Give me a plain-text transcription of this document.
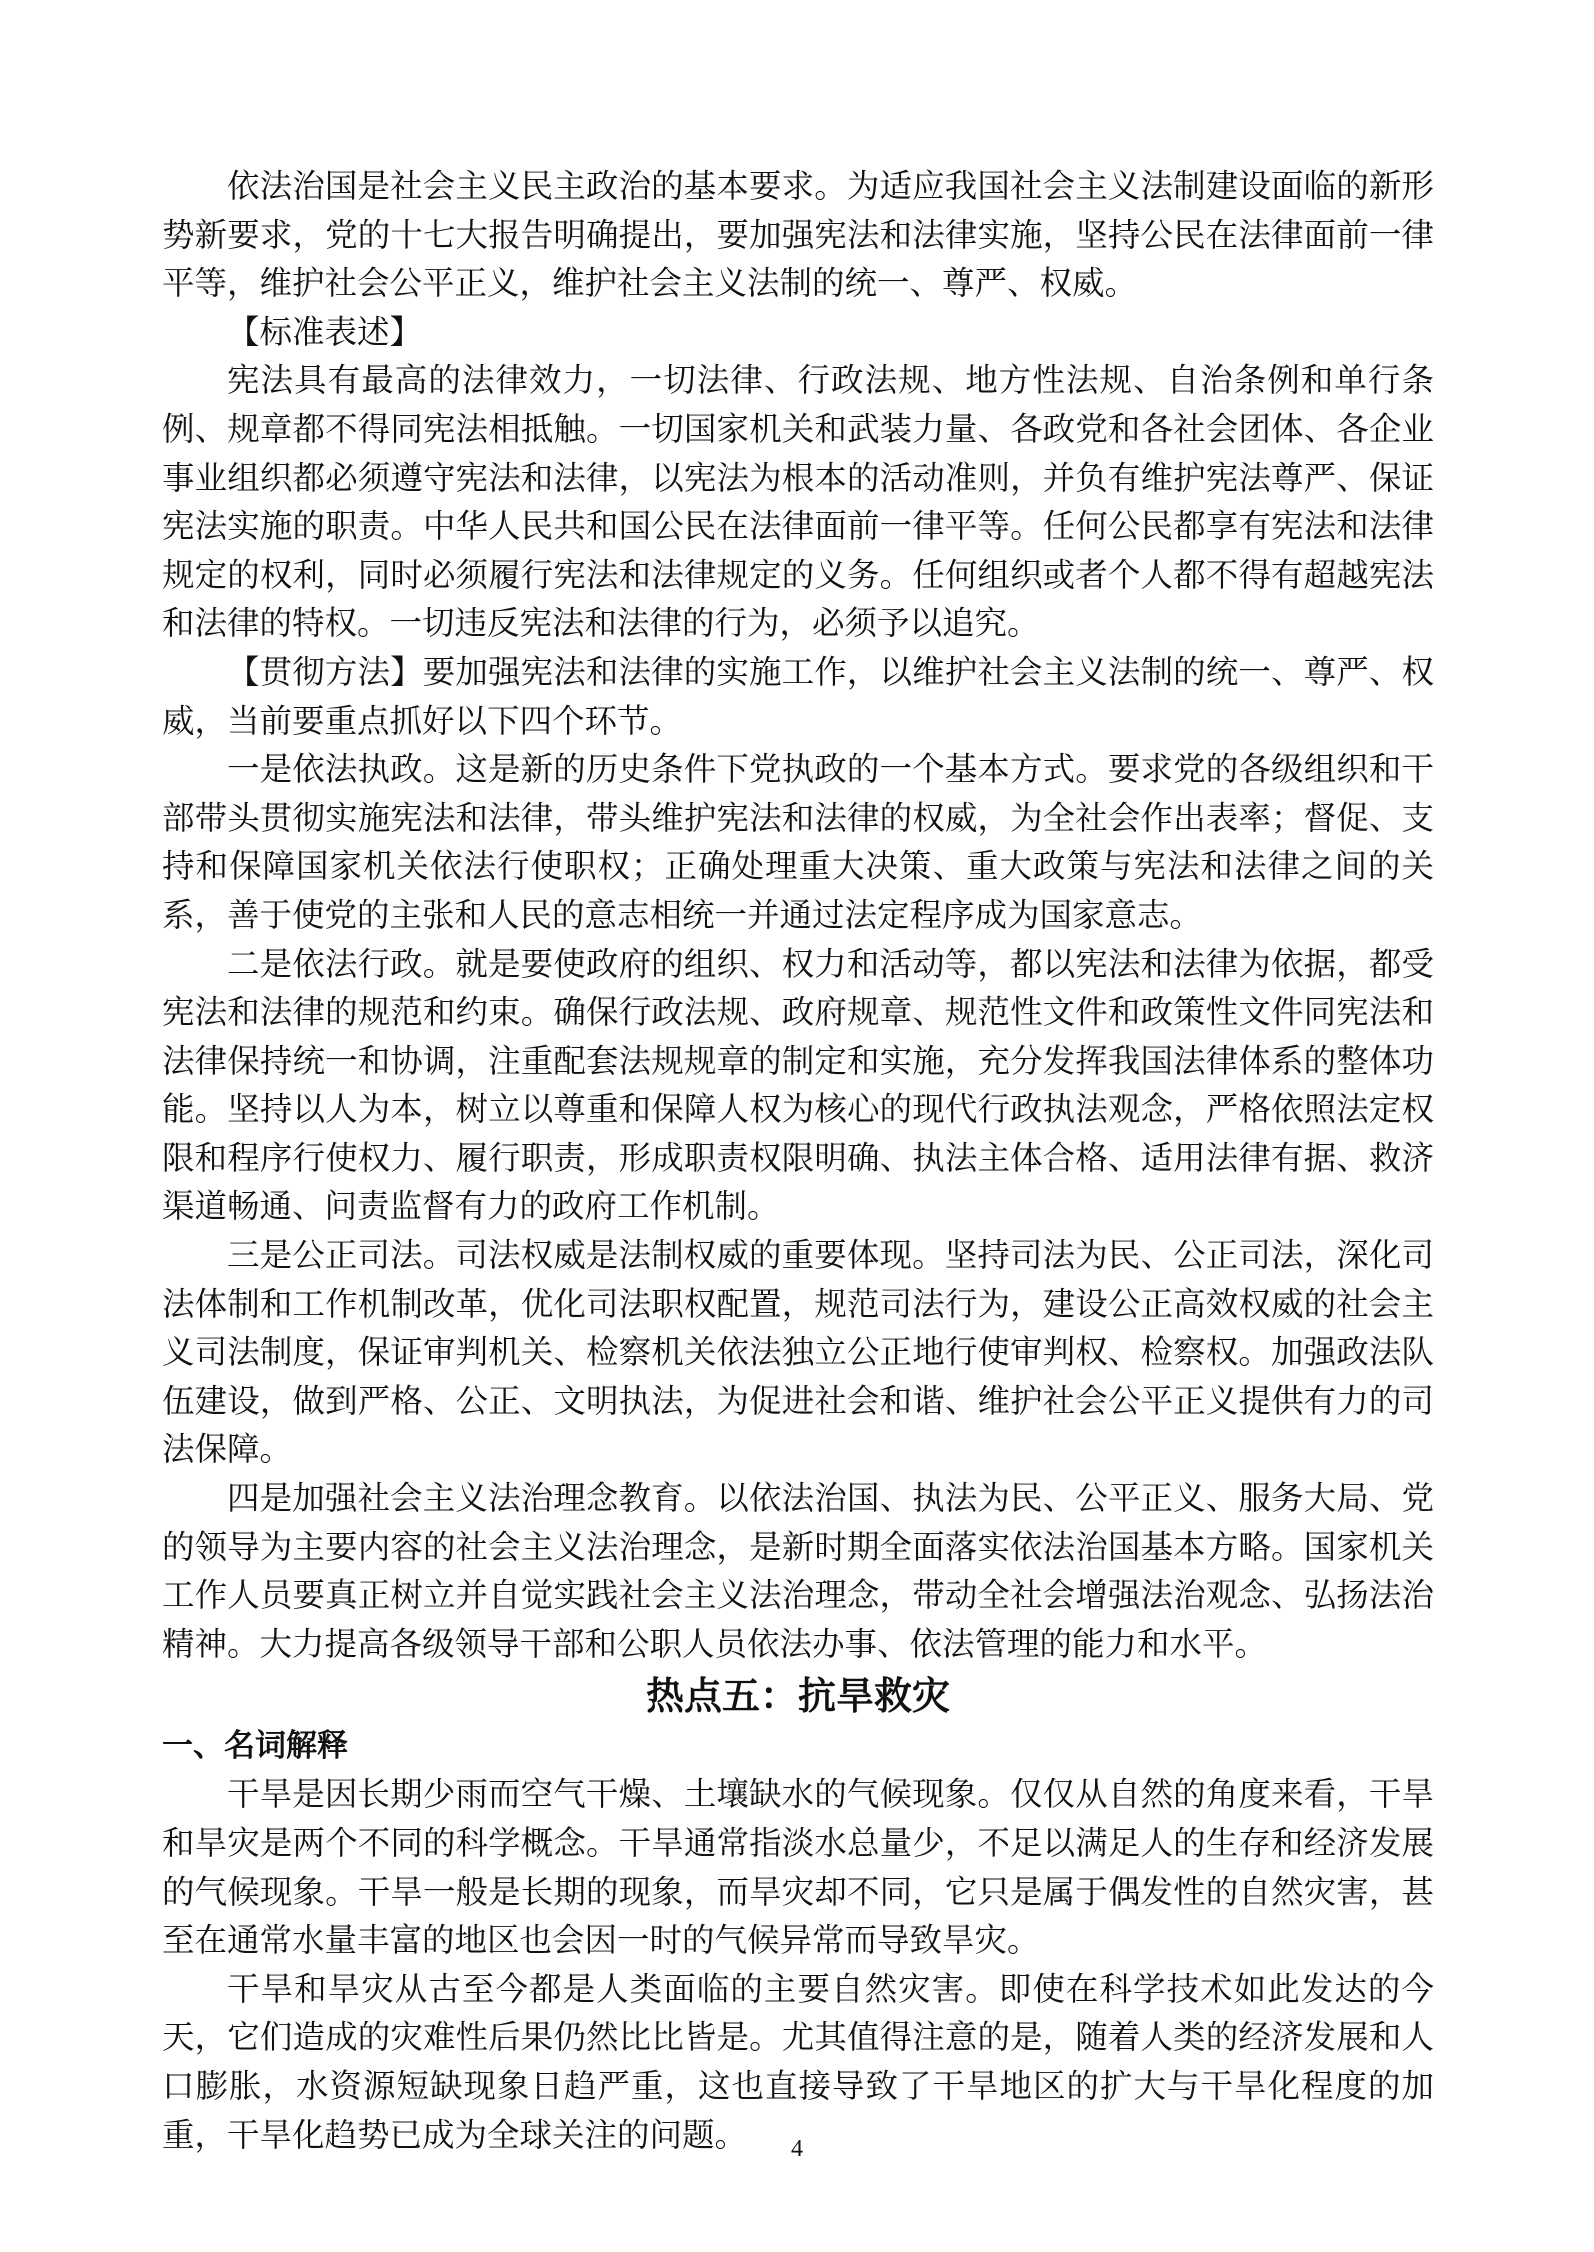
依法治国是社会主义民主政治的基本要求。为适应我国社会主义法制建设面临的新形势新要求，党的十七大报告明确提出，要加强宪法和法律实施，坚持公民在法律面前一律平等，维护社会公平正义，维护社会主义法制的统一、尊严、权威。

【标准表述】

宪法具有最高的法律效力，一切法律、行政法规、地方性法规、自治条例和单行条例、规章都不得同宪法相抵触。一切国家机关和武装力量、各政党和各社会团体、各企业事业组织都必须遵守宪法和法律，以宪法为根本的活动准则，并负有维护宪法尊严、保证宪法实施的职责。中华人民共和国公民在法律面前一律平等。任何公民都享有宪法和法律规定的权利，同时必须履行宪法和法律规定的义务。任何组织或者个人都不得有超越宪法和法律的特权。一切违反宪法和法律的行为，必须予以追究。

【贯彻方法】要加强宪法和法律的实施工作，以维护社会主义法制的统一、尊严、权威，当前要重点抓好以下四个环节。

一是依法执政。这是新的历史条件下党执政的一个基本方式。要求党的各级组织和干部带头贯彻实施宪法和法律，带头维护宪法和法律的权威，为全社会作出表率；督促、支持和保障国家机关依法行使职权；正确处理重大决策、重大政策与宪法和法律之间的关系，善于使党的主张和人民的意志相统一并通过法定程序成为国家意志。

二是依法行政。就是要使政府的组织、权力和活动等，都以宪法和法律为依据，都受宪法和法律的规范和约束。确保行政法规、政府规章、规范性文件和政策性文件同宪法和法律保持统一和协调，注重配套法规规章的制定和实施，充分发挥我国法律体系的整体功能。坚持以人为本，树立以尊重和保障人权为核心的现代行政执法观念，严格依照法定权限和程序行使权力、履行职责，形成职责权限明确、执法主体合格、适用法律有据、救济渠道畅通、问责监督有力的政府工作机制。

三是公正司法。司法权威是法制权威的重要体现。坚持司法为民、公正司法，深化司法体制和工作机制改革，优化司法职权配置，规范司法行为，建设公正高效权威的社会主义司法制度，保证审判机关、检察机关依法独立公正地行使审判权、检察权。加强政法队伍建设，做到严格、公正、文明执法，为促进社会和谐、维护社会公平正义提供有力的司法保障。

四是加强社会主义法治理念教育。以依法治国、执法为民、公平正义、服务大局、党的领导为主要内容的社会主义法治理念，是新时期全面落实依法治国基本方略。国家机关工作人员要真正树立并自觉实践社会主义法治理念，带动全社会增强法治观念、弘扬法治精神。大力提高各级领导干部和公职人员依法办事、依法管理的能力和水平。

热点五：抗旱救灾
一、名词解释

干旱是因长期少雨而空气干燥、土壤缺水的气候现象。仅仅从自然的角度来看，干旱和旱灾是两个不同的科学概念。干旱通常指淡水总量少，不足以满足人的生存和经济发展的气候现象。干旱一般是长期的现象，而旱灾却不同，它只是属于偶发性的自然灾害，甚至在通常水量丰富的地区也会因一时的气候异常而导致旱灾。

干旱和旱灾从古至今都是人类面临的主要自然灾害。即使在科学技术如此发达的今天，它们造成的灾难性后果仍然比比皆是。尤其值得注意的是，随着人类的经济发展和人口膨胀，水资源短缺现象日趋严重，这也直接导致了干旱地区的扩大与干旱化程度的加重，干旱化趋势已成为全球关注的问题。	4
